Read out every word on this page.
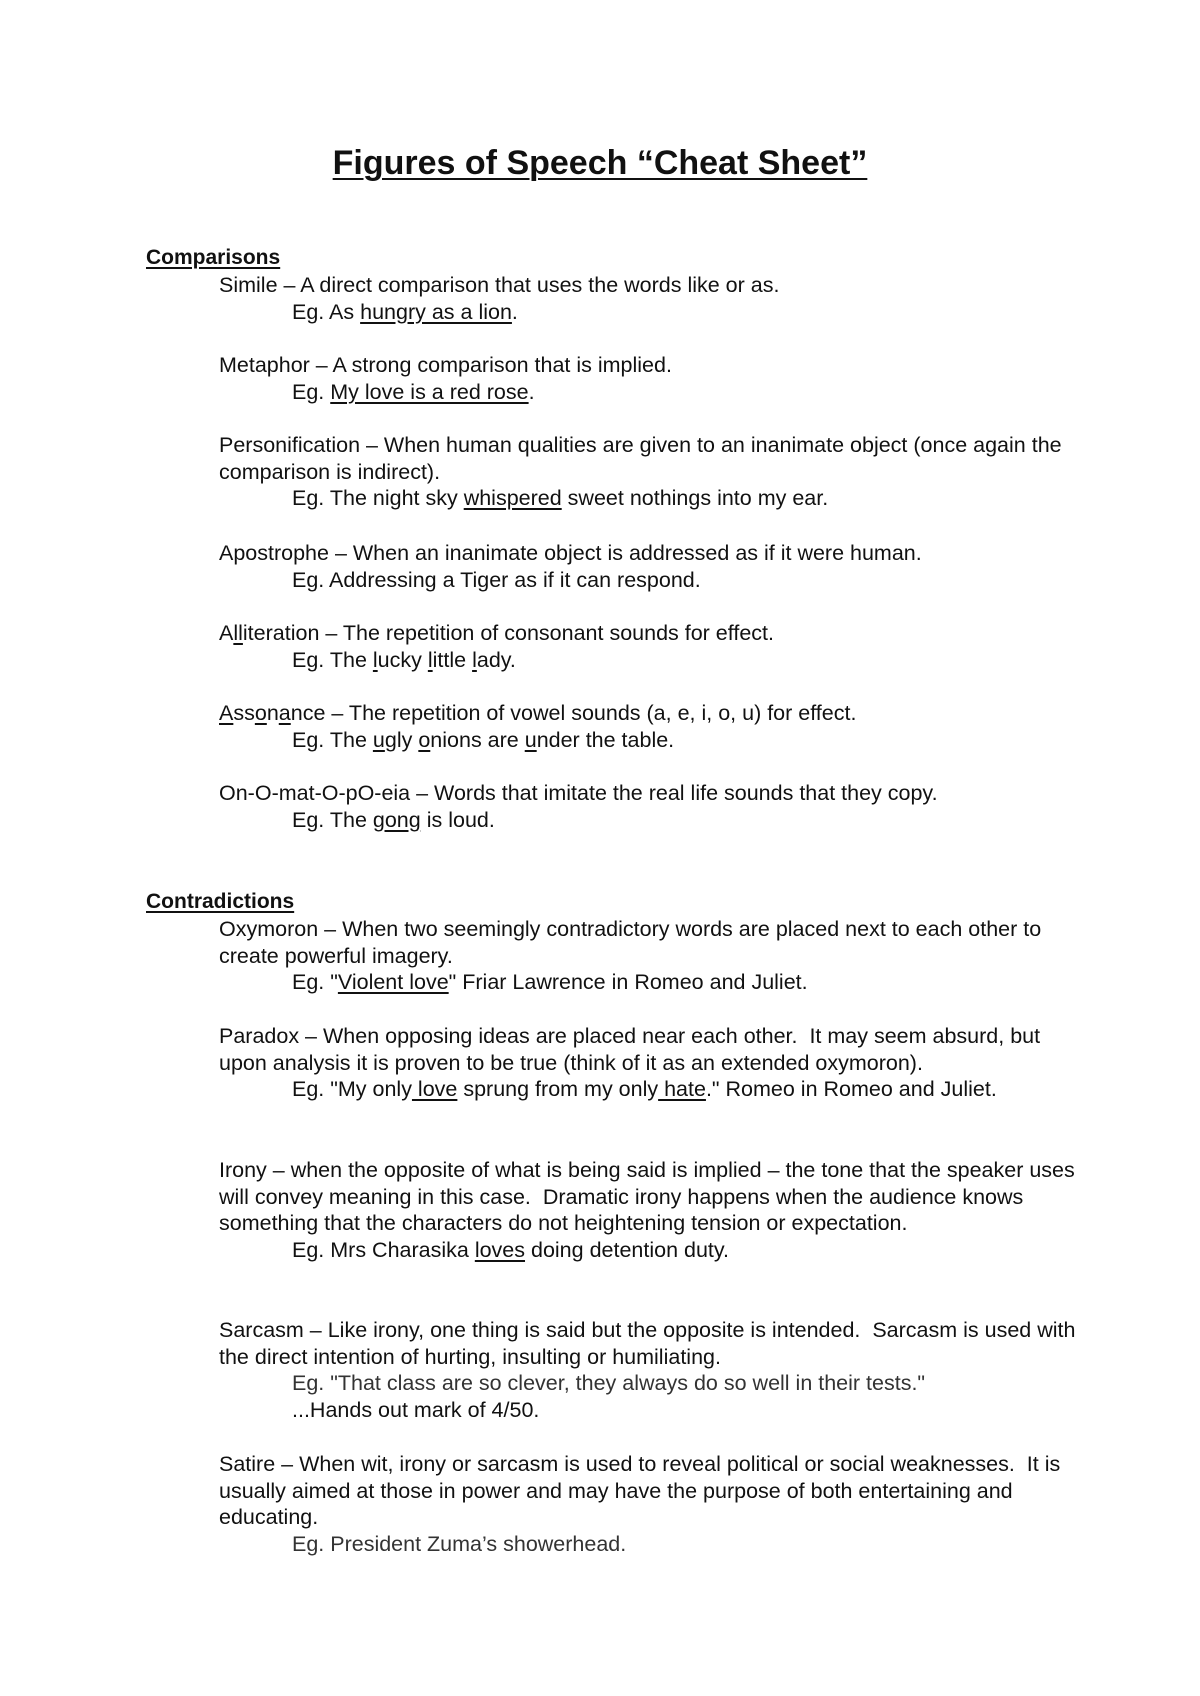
Figures of Speech “Cheat Sheet”
Comparisons
Simile – A direct comparison that uses the words like or as.
Eg. As hungry as a lion.
Metaphor – A strong comparison that is implied.
Eg. My love is a red rose.
Personification – When human qualities are given to an inanimate object (once again the comparison is indirect).
Eg. The night sky whispered sweet nothings into my ear.
Apostrophe – When an inanimate object is addressed as if it were human.
Eg. Addressing a Tiger as if it can respond.
Alliteration – The repetition of consonant sounds for effect.
Eg. The lucky little lady.
Assonance – The repetition of vowel sounds (a, e, i, o, u) for effect.
Eg. The ugly onions are under the table.
On-O-mat-O-pO-eia – Words that imitate the real life sounds that they copy.
Eg. The gong is loud.
Contradictions
Oxymoron – When two seemingly contradictory words are placed next to each other to create powerful imagery.
Eg. "Violent love" Friar Lawrence in Romeo and Juliet.
Paradox – When opposing ideas are placed near each other.  It may seem absurd, but upon analysis it is proven to be true (think of it as an extended oxymoron).
Eg. "My only love sprung from my only hate." Romeo in Romeo and Juliet.
Irony – when the opposite of what is being said is implied – the tone that the speaker uses will convey meaning in this case.  Dramatic irony happens when the audience knows something that the characters do not heightening tension or expectation.
Eg. Mrs Charasika loves doing detention duty.
Sarcasm – Like irony, one thing is said but the opposite is intended.  Sarcasm is used with the direct intention of hurting, insulting or humiliating.
Eg. "That class are so clever, they always do so well in their tests."
...Hands out mark of 4/50.
Satire – When wit, irony or sarcasm is used to reveal political or social weaknesses.  It is usually aimed at those in power and may have the purpose of both entertaining and educating.
Eg. President Zuma’s showerhead.
